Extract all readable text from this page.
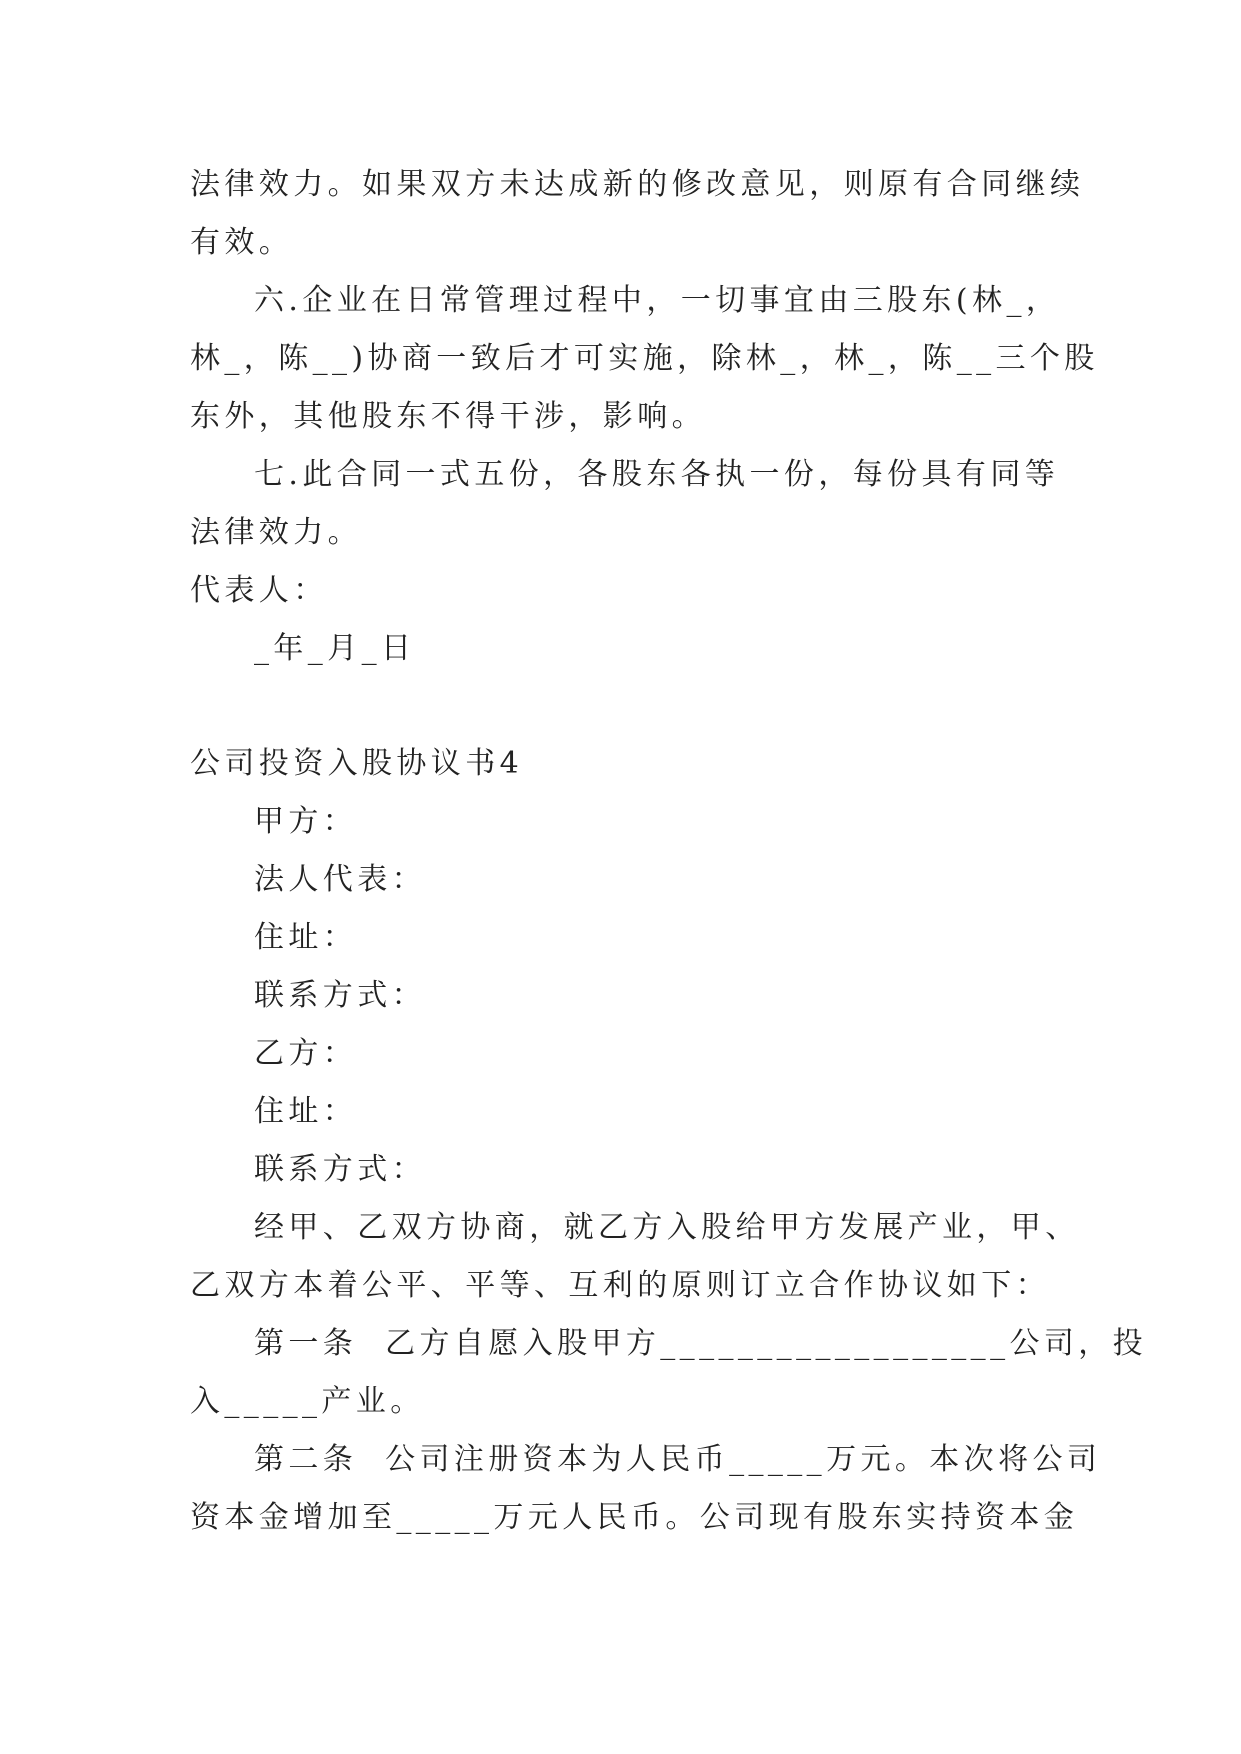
法律效力。如果双方未达成新的修改意见，则原有合同继续
有效。
六.企业在日常管理过程中，一切事宜由三股东(林_，
林_，陈__)协商一致后才可实施，除林_，林_，陈__三个股
东外，其他股东不得干涉，影响。
七.此合同一式五份，各股东各执一份，每份具有同等
法律效力。
代表人：
_年_月_日
公司投资入股协议书4
甲方：
法人代表：
住址：
联系方式：
乙方：
住址：
联系方式：
经甲、乙双方协商，就乙方入股给甲方发展产业，甲、
乙双方本着公平、平等、互利的原则订立合作协议如下：
第一条  乙方自愿入股甲方__________________公司，投
入_____产业。
第二条  公司注册资本为人民币_____万元。本次将公司
资本金增加至_____万元人民币。公司现有股东实持资本金
